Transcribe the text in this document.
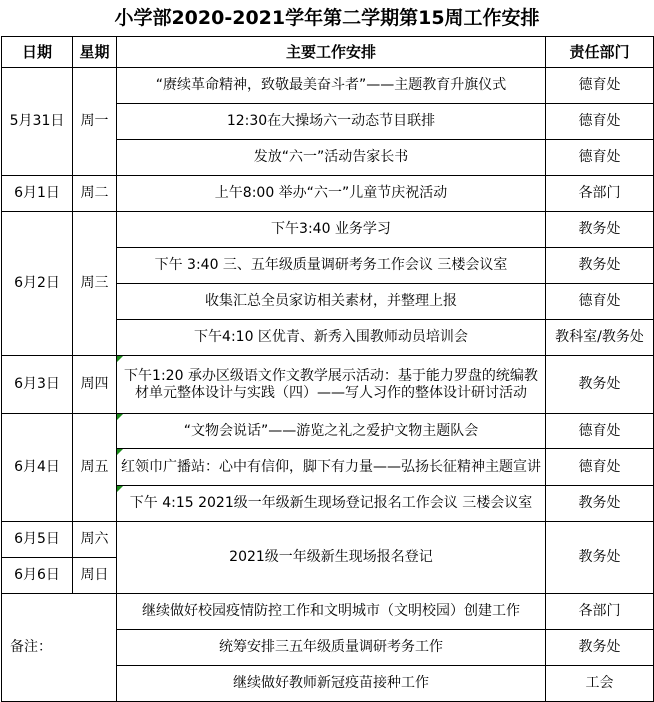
小学部2020-2021学年第二学期第15周工作安排
日期	星期	主要工作安排	责任部门
5月31日	周一	“赓续革命精神，致敬最美奋斗者”——主题教育升旗仪式	德育处
		12:30在大操场六一动态节目联排	德育处
		发放“六一”活动告家长书	德育处
6月1日	周二	上午8:00 举办“六一”儿童节庆祝活动	各部门
6月2日	周三	下午3:40 业务学习	教务处
		下午 3:40 三、五年级质量调研考务工作会议 三楼会议室	教务处
		收集汇总全员家访相关素材，并整理上报	德育处
		下午4:10 区优青、新秀入围教师动员培训会	教科室/教务处
6月3日	周四	下午1:20 承办区级语文作文教学展示活动：基于能力罗盘的统编教材单元整体设计与实践（四）——写人习作的整体设计研讨活动	教务处
6月4日	周五	“文物会说话”——游览之礼之爱护文物主题队会	德育处
		红领巾广播站：心中有信仰，脚下有力量——弘扬长征精神主题宣讲	德育处
		下午 4:15 2021级一年级新生现场登记报名工作会议 三楼会议室	教务处
6月5日	周六	2021级一年级新生现场报名登记	教务处
6月6日	周日		
备注：		继续做好校园疫情防控工作和文明城市（文明校园）创建工作	各部门
		统筹安排三五年级质量调研考务工作	教务处
		继续做好教师新冠疫苗接种工作	工会
